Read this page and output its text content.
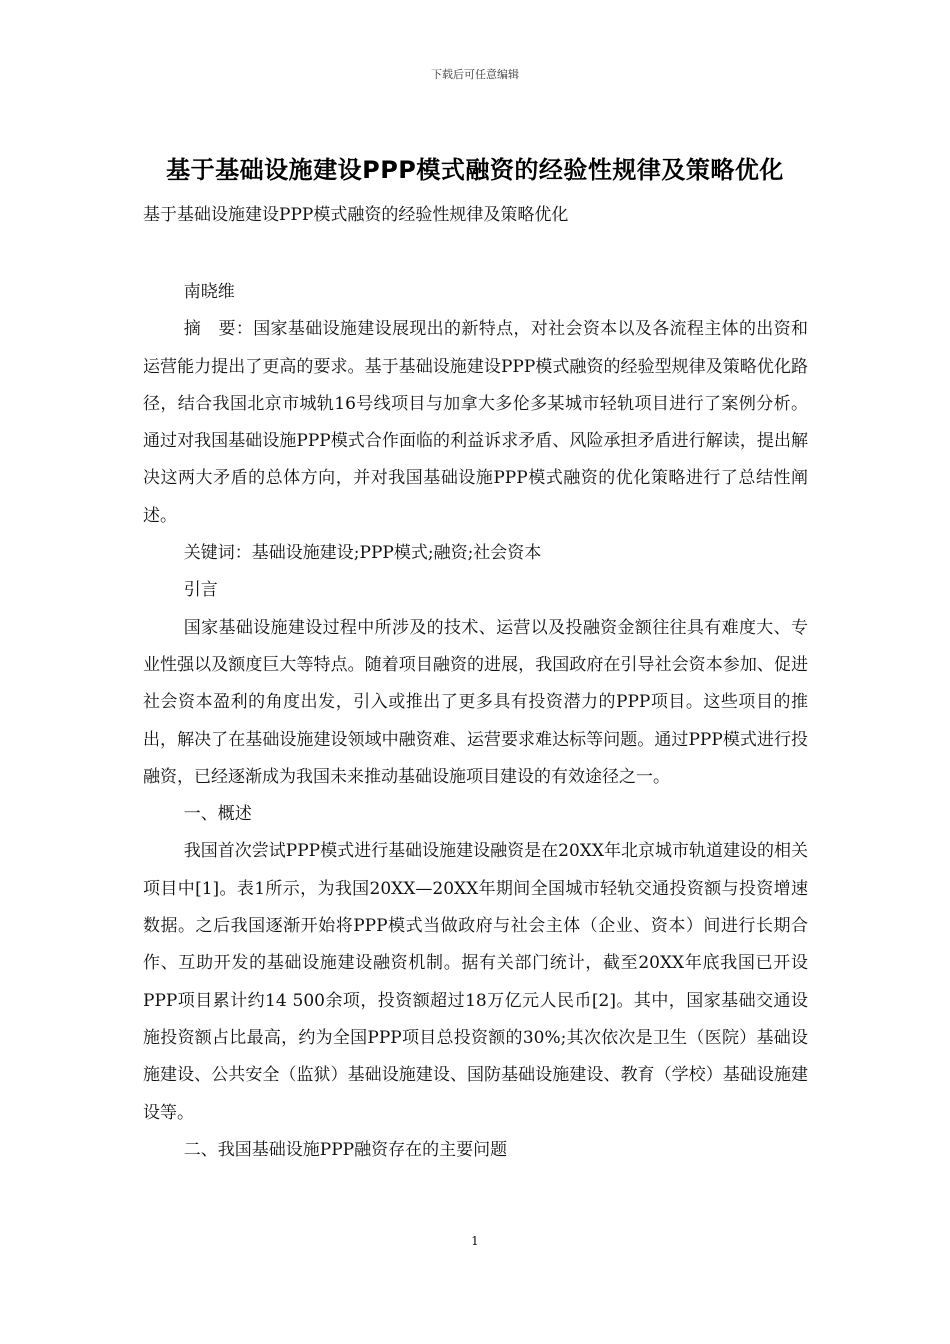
下载后可任意编辑
基于基础设施建设PPP模式融资的经验性规律及策略优化
基于基础设施建设PPP模式融资的经验性规律及策略优化

南晓维

摘　要：国家基础设施建设展现出的新特点，对社会资本以及各流程主体的出资和运营能力提出了更高的要求。基于基础设施建设PPP模式融资的经验型规律及策略优化路径，结合我国北京市城轨16号线项目与加拿大多伦多某城市轻轨项目进行了案例分析。通过对我国基础设施PPP模式合作面临的利益诉求矛盾、风险承担矛盾进行解读，提出解决这两大矛盾的总体方向，并对我国基础设施PPP模式融资的优化策略进行了总结性阐述。

关键词：基础设施建设;PPP模式;融资;社会资本

引言

国家基础设施建设过程中所涉及的技术、运营以及投融资金额往往具有难度大、专业性强以及额度巨大等特点。随着项目融资的进展，我国政府在引导社会资本参加、促进社会资本盈利的角度出发，引入或推出了更多具有投资潜力的PPP项目。这些项目的推出，解决了在基础设施建设领域中融资难、运营要求难达标等问题。通过PPP模式进行投融资，已经逐渐成为我国未来推动基础设施项目建设的有效途径之一。

一、概述

我国首次尝试PPP模式进行基础设施建设融资是在20XX年北京城市轨道建设的相关项目中[1]。表1所示，为我国20XX—20XX年期间全国城市轻轨交通投资额与投资增速数据。之后我国逐渐开始将PPP模式当做政府与社会主体（企业、资本）间进行长期合作、互助开发的基础设施建设融资机制。据有关部门统计，截至20XX年底我国已开设PPP项目累计约14 500余项，投资额超过18万亿元人民币[2]。其中，国家基础交通设施投资额占比最高，约为全国PPP项目总投资额的30%;其次依次是卫生（医院）基础设施建设、公共安全（监狱）基础设施建设、国防基础设施建设、教育（学校）基础设施建设等。

二、我国基础设施PPP融资存在的主要问题

1
